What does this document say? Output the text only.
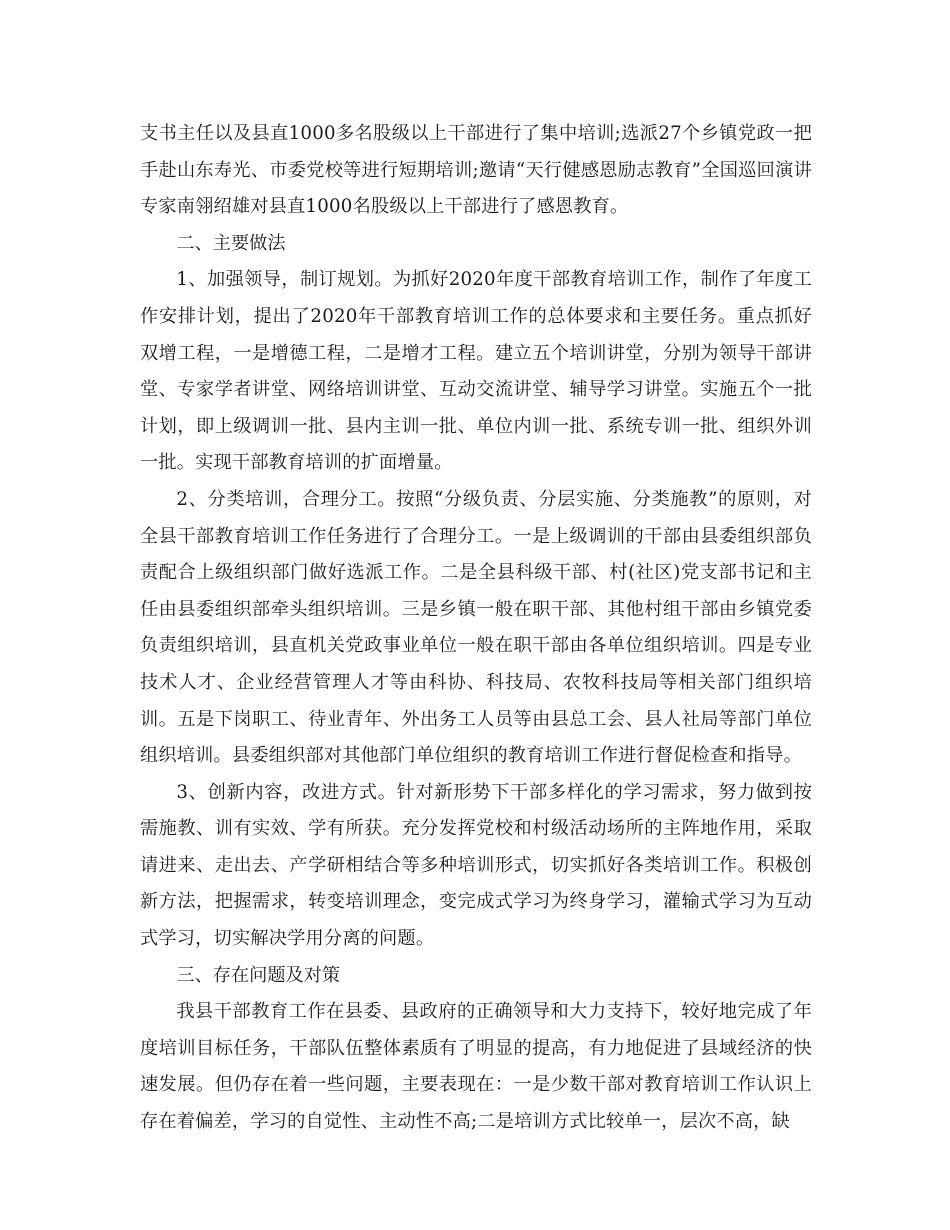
支书主任以及县直1000多名股级以上干部进行了集中培训;选派27个乡镇党政一把手赴山东寿光、市委党校等进行短期培训;邀请“天行健感恩励志教育”全国巡回演讲专家南翎绍雄对县直1000名股级以上干部进行了感恩教育。

二、主要做法

1、加强领导，制订规划。为抓好2020年度干部教育培训工作，制作了年度工作安排计划，提出了2020年干部教育培训工作的总体要求和主要任务。重点抓好双增工程，一是增德工程，二是增才工程。建立五个培训讲堂，分别为领导干部讲堂、专家学者讲堂、网络培训讲堂、互动交流讲堂、辅导学习讲堂。实施五个一批计划，即上级调训一批、县内主训一批、单位内训一批、系统专训一批、组织外训一批。实现干部教育培训的扩面增量。

2、分类培训，合理分工。按照“分级负责、分层实施、分类施教”的原则，对全县干部教育培训工作任务进行了合理分工。一是上级调训的干部由县委组织部负责配合上级组织部门做好选派工作。二是全县科级干部、村(社区)党支部书记和主任由县委组织部牵头组织培训。三是乡镇一般在职干部、其他村组干部由乡镇党委负责组织培训，县直机关党政事业单位一般在职干部由各单位组织培训。四是专业技术人才、企业经营管理人才等由科协、科技局、农牧科技局等相关部门组织培训。五是下岗职工、待业青年、外出务工人员等由县总工会、县人社局等部门单位组织培训。县委组织部对其他部门单位组织的教育培训工作进行督促检查和指导。

3、创新内容，改进方式。针对新形势下干部多样化的学习需求，努力做到按需施教、训有实效、学有所获。充分发挥党校和村级活动场所的主阵地作用，采取请进来、走出去、产学研相结合等多种培训形式，切实抓好各类培训工作。积极创新方法，把握需求，转变培训理念，变完成式学习为终身学习，灌输式学习为互动式学习，切实解决学用分离的问题。

三、存在问题及对策

我县干部教育工作在县委、县政府的正确领导和大力支持下，较好地完成了年度培训目标任务，干部队伍整体素质有了明显的提高，有力地促进了县域经济的快速发展。但仍存在着一些问题，主要表现在：一是少数干部对教育培训工作认识上存在着偏差，学习的自觉性、主动性不高;二是培训方式比较单一，层次不高，缺
